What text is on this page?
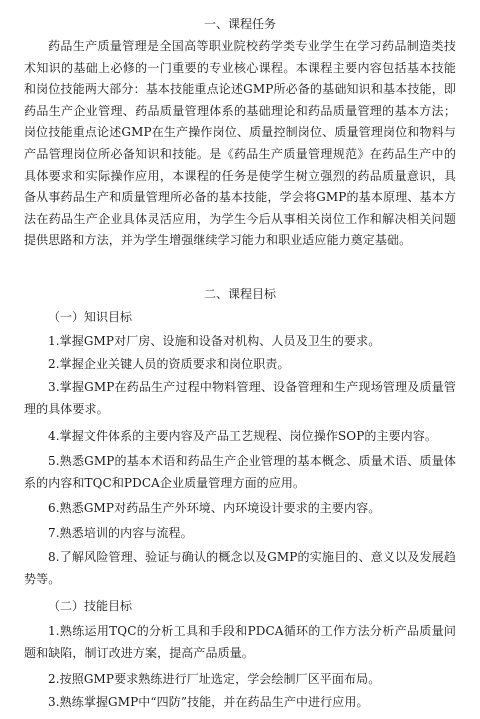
一、课程任务
药品生产质量管理是全国高等职业院校药学类专业学生在学习药品制造类技术知识的基础上必修的一门重要的专业核心课程。本课程主要内容包括基本技能和岗位技能两大部分：基本技能重点论述GMP所必备的基础知识和基本技能，即药品生产企业管理、药品质量管理体系的基础理论和药品质量管理的基本方法；岗位技能重点论述GMP在生产操作岗位、质量控制岗位、质量管理岗位和物料与产品管理岗位所必备知识和技能。是《药品生产质量管理规范》在药品生产中的具体要求和实际操作应用，本课程的任务是使学生树立强烈的药品质量意识，具备从事药品生产和质量管理所必备的基本技能，学会将GMP的基本原理、基本方法在药品生产企业具体灵活应用，为学生今后从事相关岗位工作和解决相关问题提供思路和方法，并为学生增强继续学习能力和职业适应能力奠定基础。
二、课程目标
（一）知识目标
1.掌握GMP对厂房、设施和设备对机构、人员及卫生的要求。
2.掌握企业关键人员的资质要求和岗位职责。
3.掌握GMP在药品生产过程中物料管理、设备管理和生产现场管理及质量管理的具体要求。
4.掌握文件体系的主要内容及产品工艺规程、岗位操作SOP的主要内容。
5.熟悉GMP的基本术语和药品生产企业管理的基本概念、质量术语、质量体系的内容和TQC和PDCA企业质量管理方面的应用。
6.熟悉GMP对药品生产外环境、内环境设计要求的主要内容。
7.熟悉培训的内容与流程。
8.了解风险管理、验证与确认的概念以及GMP的实施目的、意义以及发展趋势等。
（二）技能目标
1.熟练运用TQC的分析工具和手段和PDCA循环的工作方法分析产品质量问题和缺陷，制订改进方案，提高产品质量。
2.按照GMP要求熟练进行厂址选定，学会绘制厂区平面布局。
3.熟练掌握GMP中“四防”技能，并在药品生产中进行应用。
